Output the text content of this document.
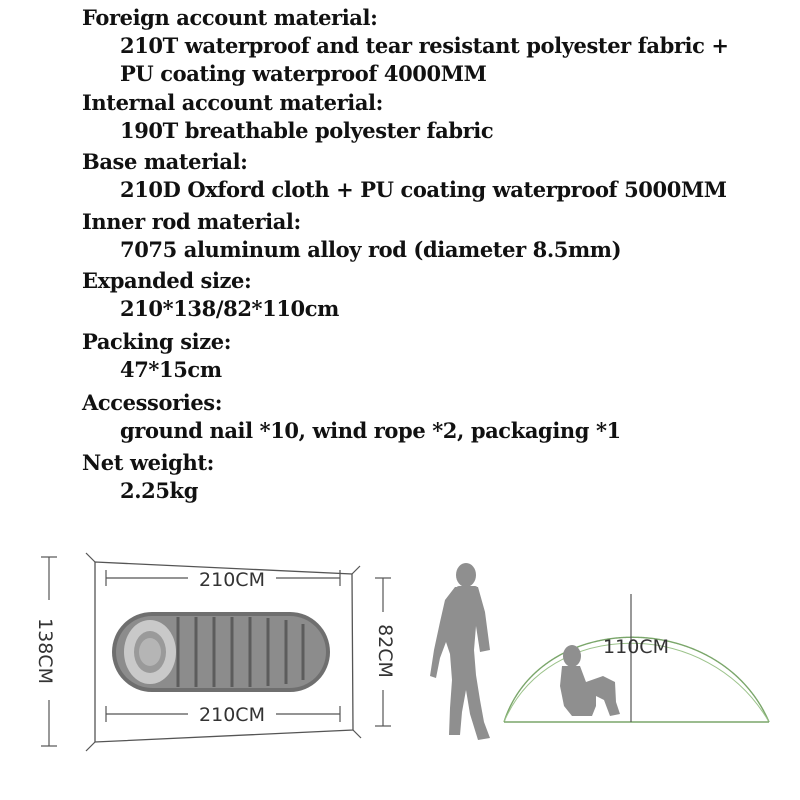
Foreign account material:
210T waterproof and tear resistant polyester fabric +
PU coating waterproof 4000MM
Internal account material:
190T breathable polyester fabric
Base material:
210D Oxford cloth + PU coating waterproof 5000MM
Inner rod material:
7075 aluminum alloy rod (diameter 8.5mm)
Expanded size:
210*138/82*110cm
Packing size:
47*15cm
Accessories:
ground nail *10, wind rope *2, packaging *1
Net weight:
2.25kg
138CM
210CM
210CM
82CM	110CM
